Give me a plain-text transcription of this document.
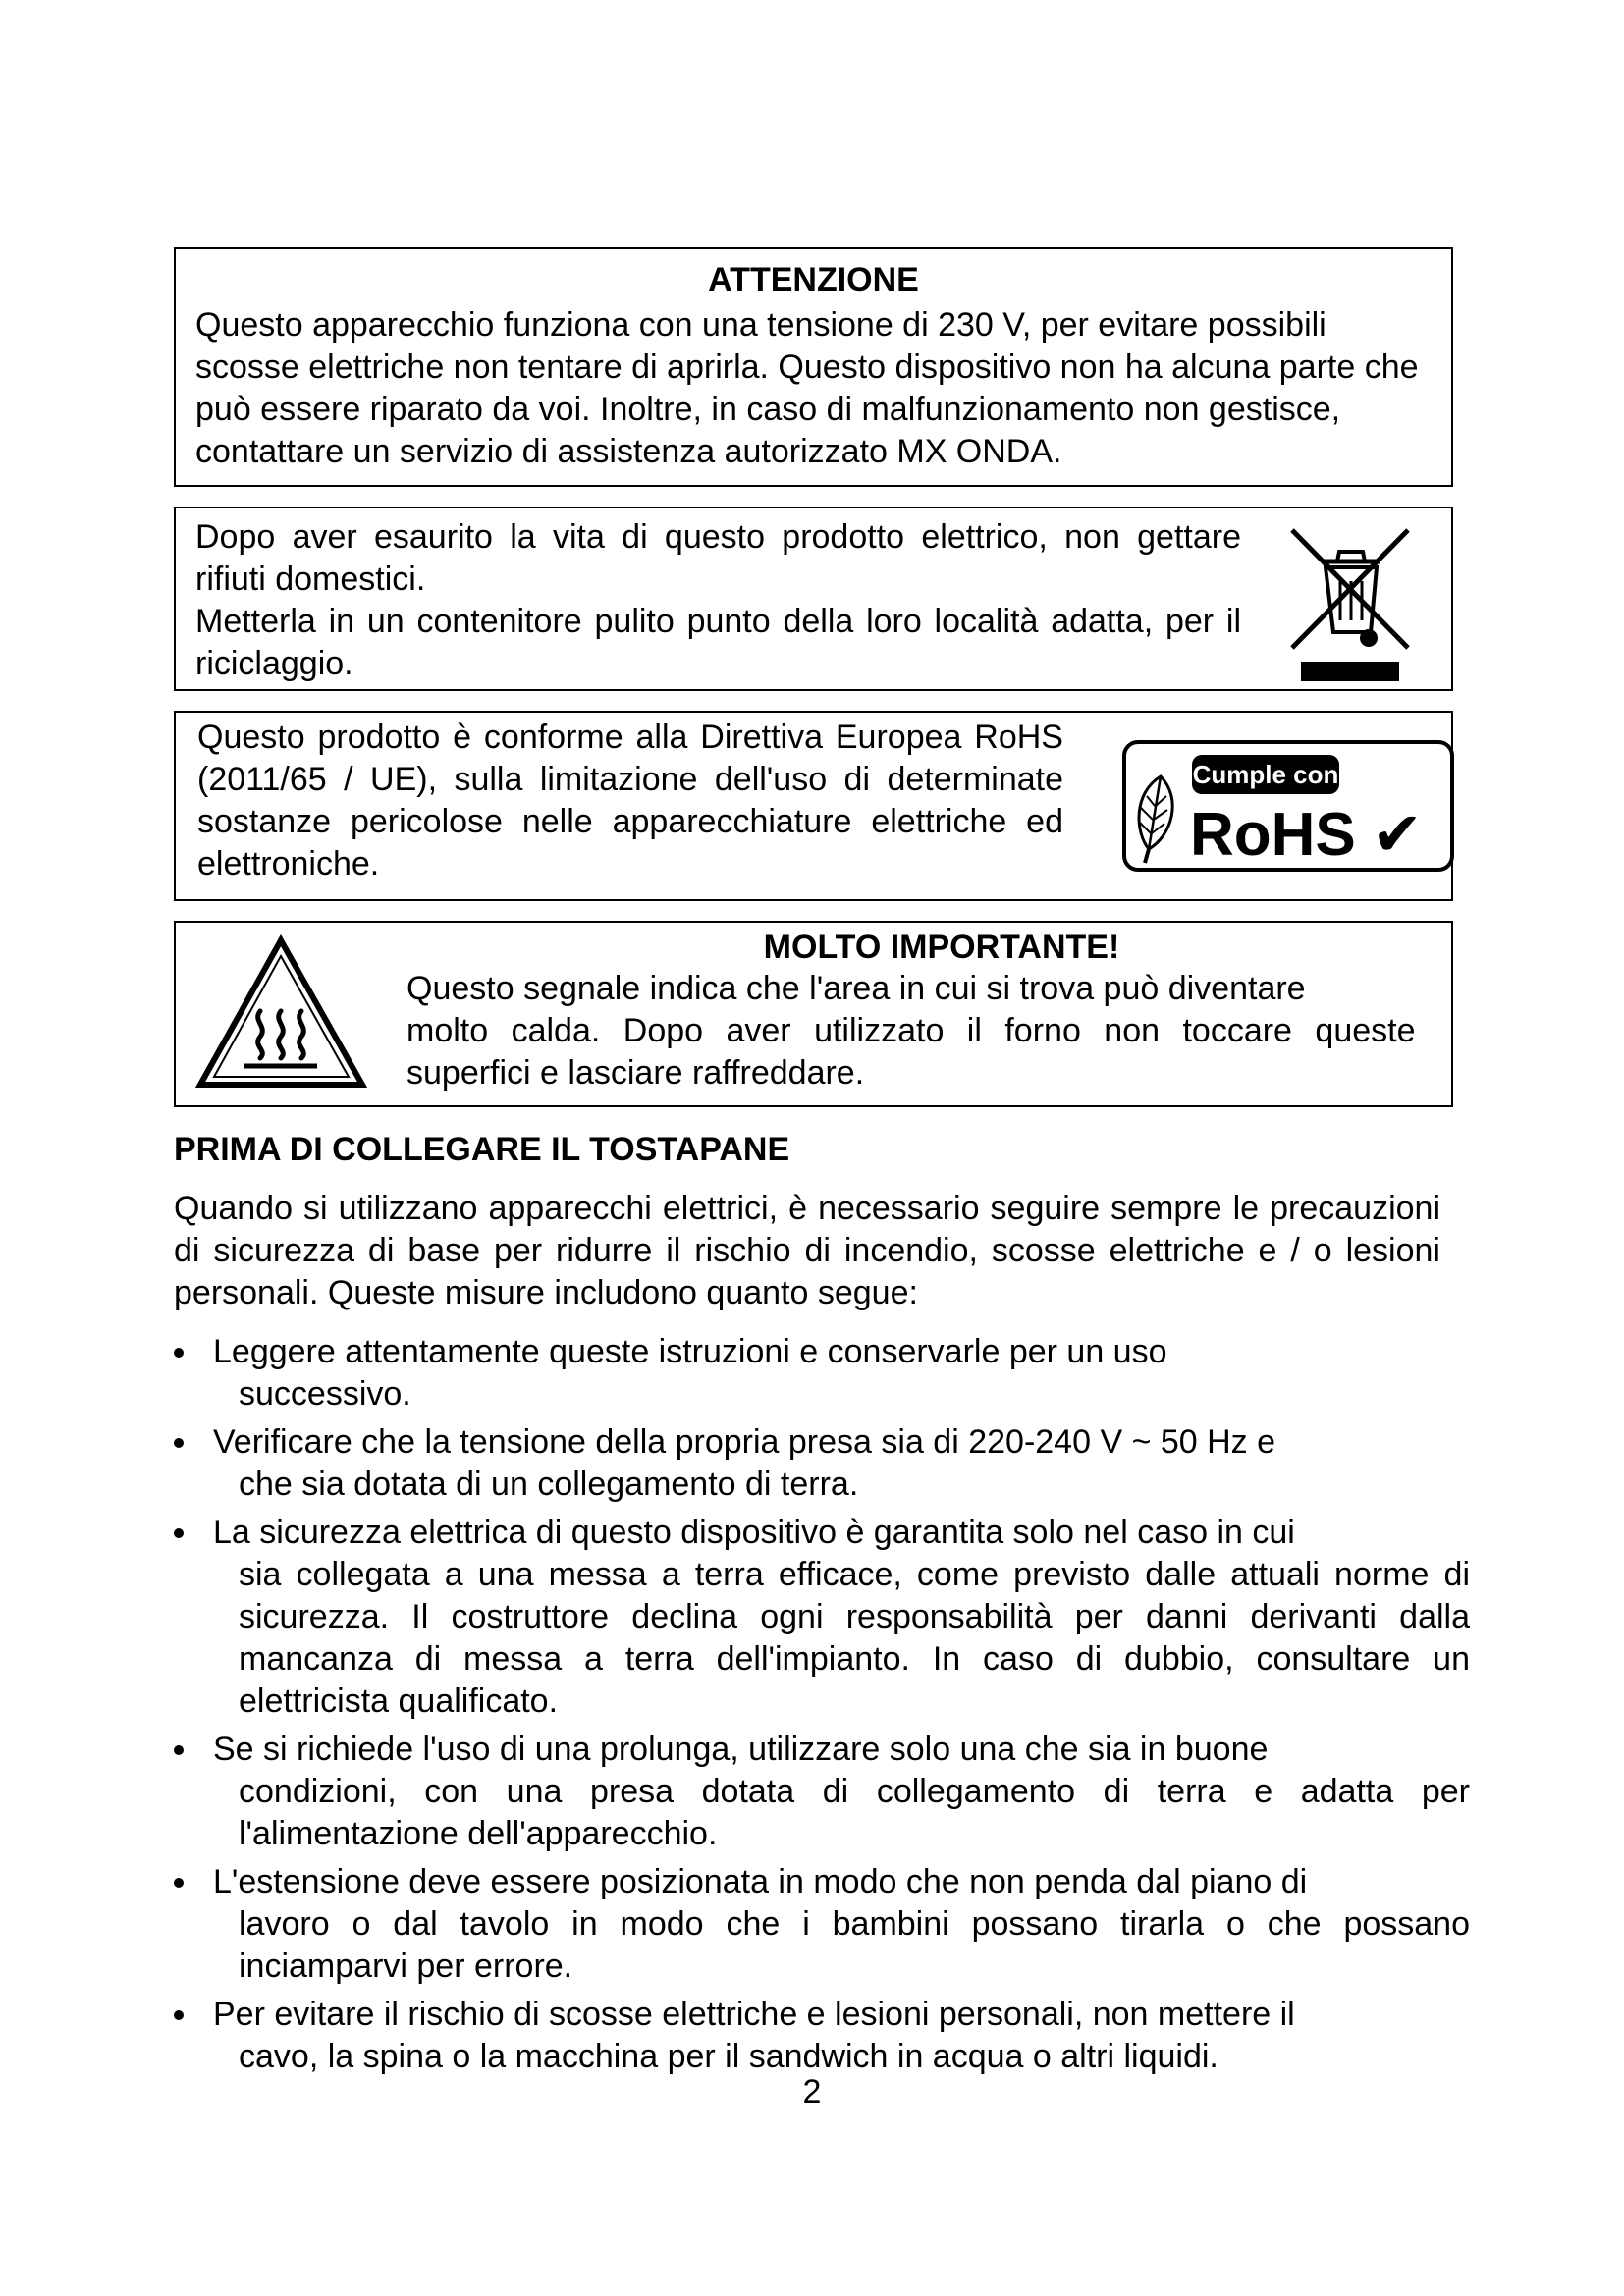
ATTENZIONE
Questo apparecchio funziona con una tensione di 230 V, per evitare possibili scosse elettriche non tentare di aprirla. Questo dispositivo non ha alcuna parte che può essere riparato da voi. Inoltre, in caso di malfunzionamento non gestisce, contattare un servizio di assistenza autorizzato MX ONDA.
Dopo aver esaurito la vita di questo prodotto elettrico, non gettare rifiuti domestici.
Metterla in un contenitore pulito punto della loro località adatta, per il riciclaggio.
Questo prodotto è conforme alla Direttiva Europea RoHS (2011/65 / UE), sulla limitazione dell'uso di determinate sostanze pericolose nelle apparecchiature elettriche ed elettroniche.
Cumple con
RoHS ✔
MOLTO IMPORTANTE!
Questo segnale indica che l'area in cui si trova può diventare
molto calda. Dopo aver utilizzato il forno non toccare queste
superfici e lasciare raffreddare.
PRIMA DI COLLEGARE IL TOSTAPANE
Quando si utilizzano apparecchi elettrici, è necessario seguire sempre le precauzioni di sicurezza di base per ridurre il rischio di incendio, scosse elettriche e / o lesioni personali. Queste misure includono quanto segue:
Leggere attentamente queste istruzioni e conservarle per un uso
successivo.
Verificare che la tensione della propria presa sia di 220-240 V ~ 50 Hz e
che sia dotata di un collegamento di terra.
La sicurezza elettrica di questo dispositivo è garantita solo nel caso in cui
sia collegata a una messa a terra efficace, come previsto dalle attuali norme di sicurezza. Il costruttore declina ogni responsabilità per danni derivanti dalla mancanza di messa a terra dell'impianto. In caso di dubbio, consultare un elettricista qualificato.
Se si richiede l'uso di una prolunga, utilizzare solo una che sia in buone
condizioni, con una presa dotata di collegamento di terra e adatta per l'alimentazione dell'apparecchio.
L'estensione deve essere posizionata in modo che non penda dal piano di
lavoro o dal tavolo in modo che i bambini possano tirarla o che possano inciamparvi per errore.
Per evitare il rischio di scosse elettriche e lesioni personali, non mettere il
cavo, la spina o la macchina per il sandwich in acqua o altri liquidi.
2
